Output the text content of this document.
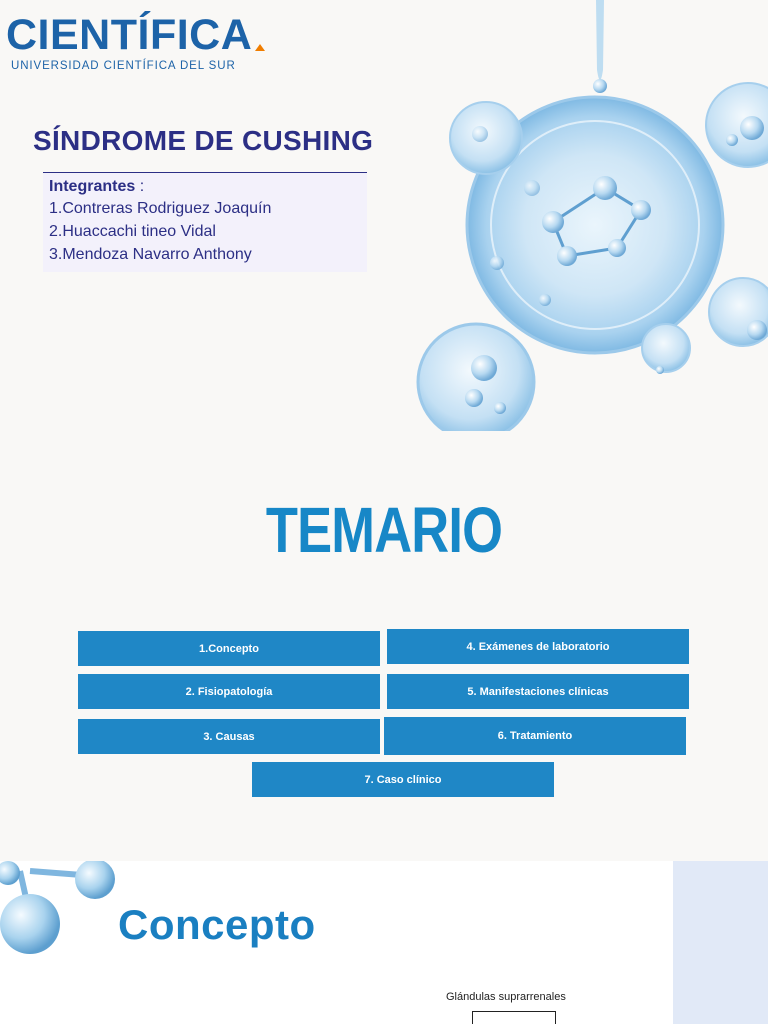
CIENTÍFICA
UNIVERSIDAD CIENTÍFICA DEL SUR
SÍNDROME DE CUSHING
Integrantes :
1.Contreras Rodriguez Joaquín
2.Huaccachi tineo Vidal
3.Mendoza Navarro Anthony
TEMARIO
1.Concepto	4. Exámenes de laboratorio
2. Fisiopatología	5. Manifestaciones clínicas
3. Causas	6. Tratamiento
7. Caso clínico
Concepto
Glándulas suprarrenales
